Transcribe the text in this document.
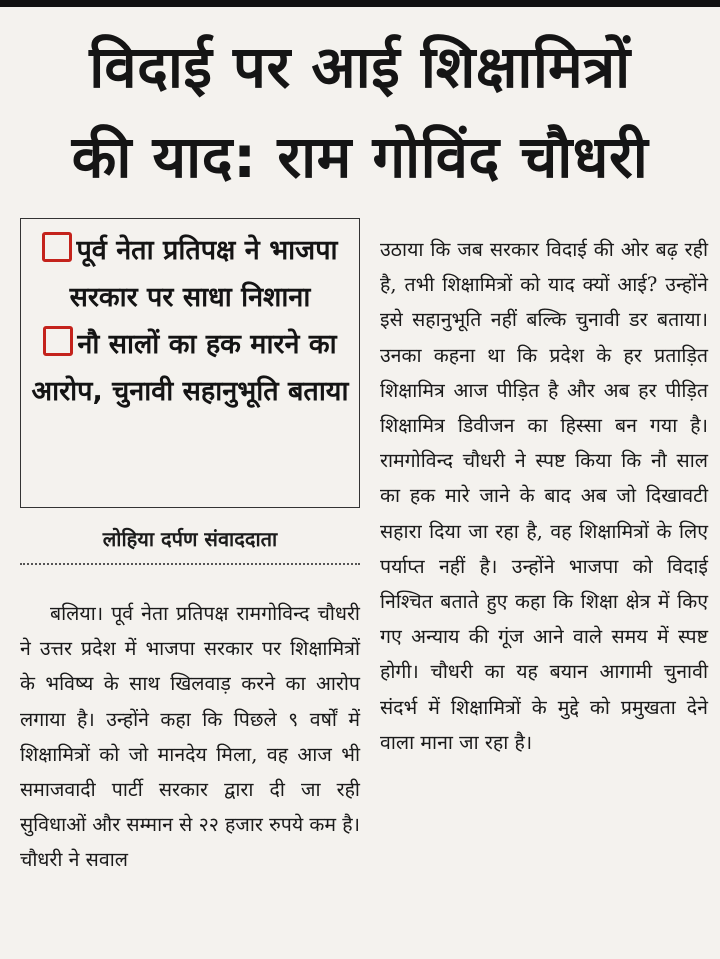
विदाई पर आई शिक्षामित्रों
की याद: राम गोविंद चौधरी
पूर्व नेता प्रतिपक्ष ने भाजपा सरकार पर साधा निशाना
नौ सालों का हक मारने का आरोप, चुनावी सहानुभूति बताया
लोहिया दर्पण संवाददाता
बलिया। पूर्व नेता प्रतिपक्ष रामगोविन्द चौधरी ने उत्तर प्रदेश में भाजपा सरकार पर शिक्षामित्रों के भविष्य के साथ खिलवाड़ करने का आरोप लगाया है। उन्होंने कहा कि पिछले ९ वर्षों में शिक्षामित्रों को जो मानदेय मिला, वह आज भी समाजवादी पार्टी सरकार द्वारा दी जा रही सुविधाओं और सम्मान से २२ हजार रुपये कम है। चौधरी ने सवाल
उठाया कि जब सरकार विदाई की ओर बढ़ रही है, तभी शिक्षामित्रों को याद क्यों आई? उन्होंने इसे सहानुभूति नहीं बल्कि चुनावी डर बताया। उनका कहना था कि प्रदेश के हर प्रताड़ित शिक्षामित्र आज पीड़ित है और अब हर पीड़ित शिक्षामित्र डिवीजन का हिस्सा बन गया है। रामगोविन्द चौधरी ने स्पष्ट किया कि नौ साल का हक मारे जाने के बाद अब जो दिखावटी सहारा दिया जा रहा है, वह शिक्षामित्रों के लिए पर्याप्त नहीं है। उन्होंने भाजपा को विदाई निश्चित बताते हुए कहा कि शिक्षा क्षेत्र में किए गए अन्याय की गूंज आने वाले समय में स्पष्ट होगी। चौधरी का यह बयान आगामी चुनावी संदर्भ में शिक्षामित्रों के मुद्दे को प्रमुखता देने वाला माना जा रहा है।
